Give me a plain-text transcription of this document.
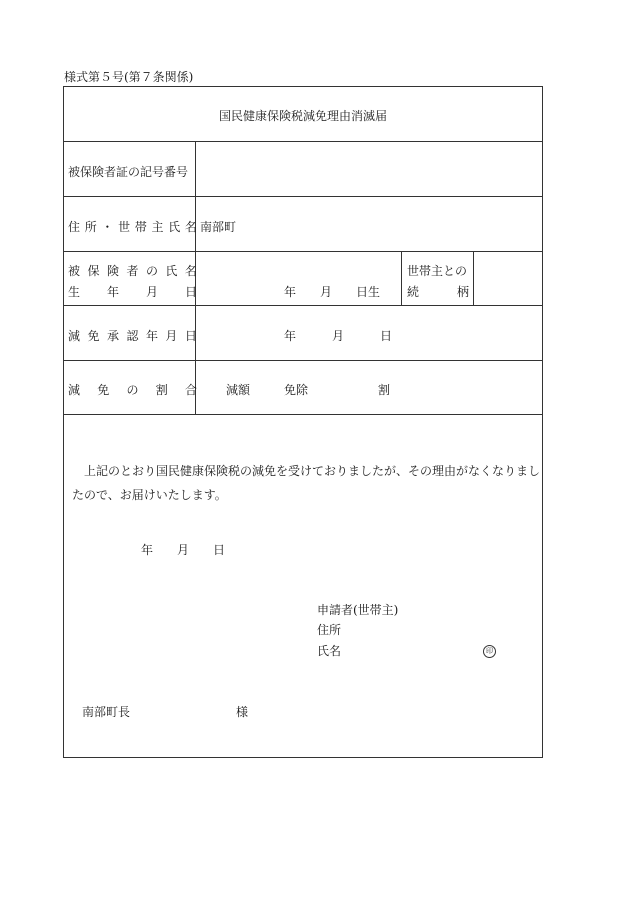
様式第５号(第７条関係)
国民健康保険税減免理由消滅届
被保険者証の記号番号
住 所 ・ 世 帯 主 氏 名 南部町
被 保 険 者 の 氏 名
生 年 月 日	年　　月　　日生
世帯主との
続	柄
減 免 承 認 年 月 日	年　　　月　　　日
減 免 の 割 合 減額	免除	割
上記のとおり国民健康保険税の減免を受けておりましたが、その理由がなくなりましたので、お届けいたします。
年　　月　　日
申請者(世帯主)
住所
氏名	印
南部町長	様
